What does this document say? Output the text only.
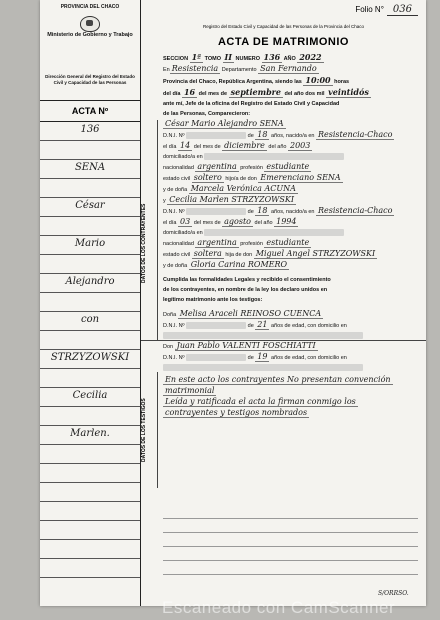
PROVINCIA DEL CHACO
Ministerio de Gobierno y Trabajo
Dirección General del Registro del Estado Civil y Capacidad de las Personas
ACTA Nº
136
SENA
César
Mario
Alejandro
con
STRZYZOWSKI
Cecilia
Marlen.
Folio N° 036
Registro del Estado Civil y Capacidad de las Personas de la Provincia del Chaco
ACTA DE MATRIMONIO
SECCION 1ª TOMO II NUMERO 136 AÑO 2022
En Resistencia Departamento San Fernando
Provincia del Chaco, República Argentina, siendo las 10:00 horas
del día 16 del mes de septiembre del año dos mil veintidós
ante mí, Jefe de la oficina del Registro del Estado Civil y Capacidad
de las Personas, Comparecieron:
César Mario Alejandro SENA
D.N.I. Nº	de 18 años, nacido/a en Resistencia-Chaco
el día 14 del mes de diciembre del año 2003
domiciliado/a en
nacionalidad argentina profesión estudiante
estado civil soltero hijo/a de don Emerenciano SENA
y de doña Marcela Verónica ACUÑA
y Cecilia Marlen STRZYZOWSKI
D.N.I. Nº	de 18 años, nacido/a en Resistencia-Chaco
el día 03 del mes de agosto del año 1994
domiciliado/a en
nacionalidad argentina profesión estudiante
estado civil soltera hija de don Miguel Angel STRZYZOWSKI
y de doña Gloria Carina ROMERO
Cumplida las formalidades Legales y recibido el consentimiento
de los contrayentes, en nombre de la ley los declaro unidos en
legítimo matrimonio ante los testigos:
Doña Melisa Araceli REINOSO CUENCA
D.N.I. Nº	de 21 años de edad, con domicilio en
Don Juan Pablo VALENTI FOSCHIATTI
D.N.I. Nº	de 19 años de edad, con domicilio en
En este acto los contrayentes No presentan convención
matrimonial
Leída y ratificada el acta la firman conmigo los
contrayentes y testigos nombrados
DATOS DE LOS CONTRAYENTES
DATOS DE LOS TESTIGOS
S/ORRSO.
Escaneado con CamScanner
